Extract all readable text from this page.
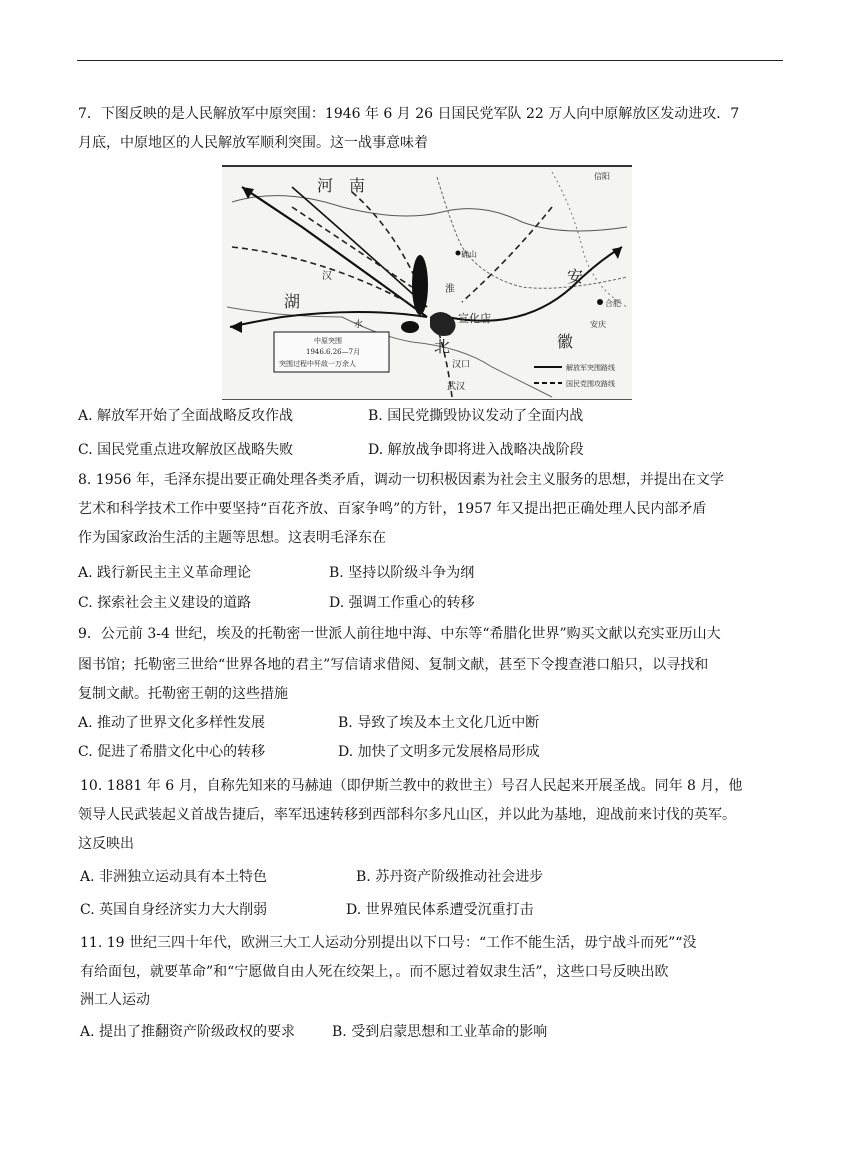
7．下图反映的是人民解放军中原突围：1946 年 6 月 26 日国民党军队 22 万人向中原解放区发动进攻．7
月底，中原地区的人民解放军顺利突围。这一战事意味着
河　南
湖
北
安
徽
宣化店
汉口
武汉
合肥
淮
汉
水
确山
安庆
信阳
中原突围
1946.6.26—7月
突围过程中歼敌一万余人	解放军突围路线
国民党围攻路线
A. 解放军开始了全面战略反攻作战	B. 国民党撕毁协议发动了全面内战
C. 国民党重点进攻解放区战略失败	D. 解放战争即将进入战略决战阶段
8. 1956 年，毛泽东提出要正确处理各类矛盾，调动一切积极因素为社会主义服务的思想，并提出在文学
艺术和科学技术工作中要坚持“百花齐放、百家争鸣”的方针，1957 年又提出把正确处理人民内部矛盾
作为国家政治生活的主题等思想。这表明毛泽东在
A. 践行新民主主义革命理论	B. 坚持以阶级斗争为纲
C. 探索社会主义建设的道路	D. 强调工作重心的转移
9．公元前 3-4 世纪，埃及的托勒密一世派人前往地中海、中东等“希腊化世界”购买文献以充实亚历山大
图书馆；托勒密三世给“世界各地的君主”写信请求借阅、复制文献，甚至下令搜查港口船只，以寻找和
复制文献。托勒密王朝的这些措施
A. 推动了世界文化多样性发展	B. 导致了埃及本土文化几近中断
C. 促进了希腊文化中心的转移	D. 加快了文明多元发展格局形成
10. 1881 年 6 月，自称先知来的马赫迪（即伊斯兰教中的救世主）号召人民起来开展圣战。同年 8 月，他
领导人民武装起义首战告捷后，率军迅速转移到西部科尔多凡山区，并以此为基地，迎战前来讨伐的英军。
这反映出
A. 非洲独立运动具有本土特色	B. 苏丹资产阶级推动社会进步
C. 英国自身经济实力大大削弱	D. 世界殖民体系遭受沉重打击
11. 19 世纪三四十年代，欧洲三大工人运动分别提出以下口号：“工作不能生活，毋宁战斗而死”“没
有给面包，就要革命”和“宁愿做自由人死在绞架上，。而不愿过着奴隶生活”，这些口号反映出欧
洲工人运动
A. 提出了推翻资产阶级政权的要求	B. 受到启蒙思想和工业革命的影响
